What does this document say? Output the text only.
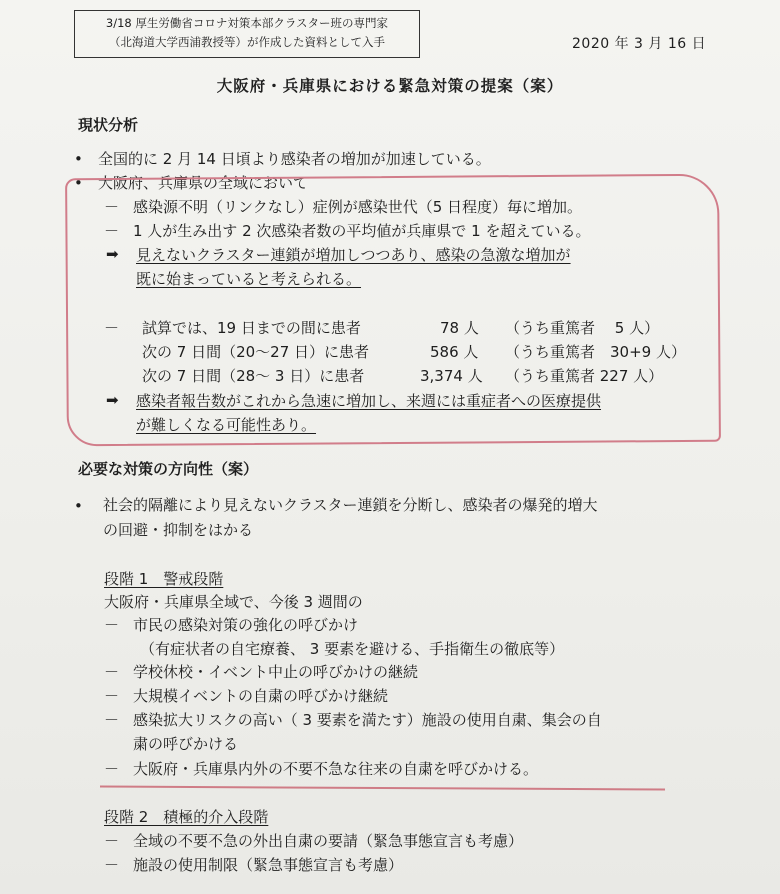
3/18 厚生労働省コロナ対策本部クラスター班の専門家
（北海道大学西浦教授等）が作成した資料として入手	2020 年 3 月 16 日
大阪府・兵庫県における緊急対策の提案（案）
現状分析
• 全国的に 2 月 14 日頃より感染者の増加が加速している。
• 大阪府、兵庫県の全域において
－ 感染源不明（リンクなし）症例が感染世代（5 日程度）毎に増加。
－ 1 人が生み出す 2 次感染者数の平均値が兵庫県で 1 を超えている。
➡ 見えないクラスター連鎖が増加しつつあり、感染の急激な増加が
既に始まっていると考えられる。
－ 試算では、19 日までの間に患者	78 人 （うち重篤者　 5 人）
次の 7 日間（20〜27 日）に患者	586 人 （うち重篤者　30+9 人）
次の 7 日間（28〜 3 日）に患者	3,374 人 （うち重篤者 227 人）
➡ 感染者報告数がこれから急速に増加し、来週には重症者への医療提供
が難しくなる可能性あり。
必要な対策の方向性（案）
• 社会的隔離により見えないクラスター連鎖を分断し、感染者の爆発的増大
の回避・抑制をはかる
段階 1　警戒段階
大阪府・兵庫県全域で、今後 3 週間の
－ 市民の感染対策の強化の呼びかけ
（有症状者の自宅療養、 3 要素を避ける、手指衛生の徹底等）
－ 学校休校・イベント中止の呼びかけの継続
－ 大規模イベントの自粛の呼びかけ継続
－ 感染拡大リスクの高い（ 3 要素を満たす）施設の使用自粛、集会の自
粛の呼びかける
－ 大阪府・兵庫県内外の不要不急な往来の自粛を呼びかける。
段階 2　積極的介入段階
－ 全域の不要不急の外出自粛の要請（緊急事態宣言も考慮）
－ 施設の使用制限（緊急事態宣言も考慮）
